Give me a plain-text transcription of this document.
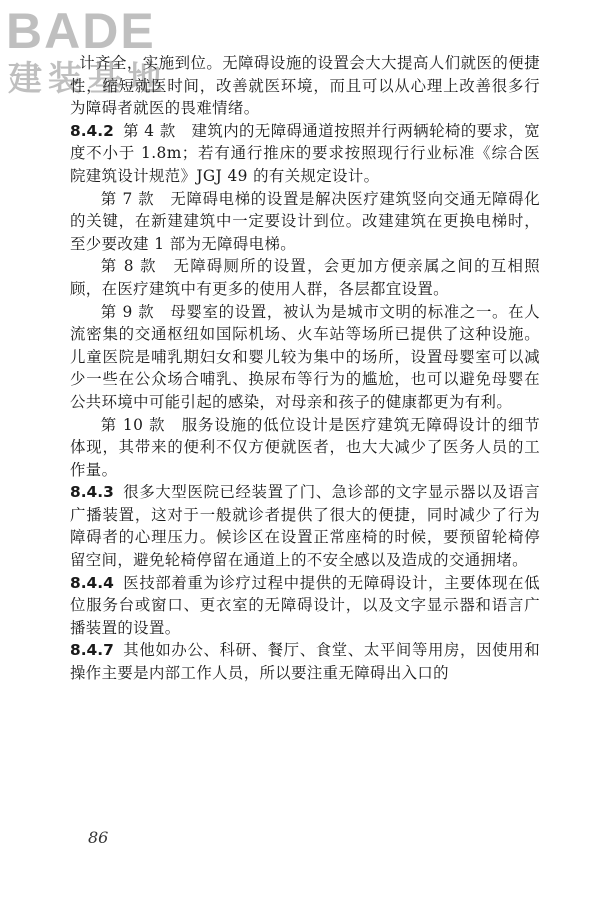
BADE
建装基地

计齐全，实施到位。无障碍设施的设置会大大提高人们就医的便捷性，缩短就医时间，改善就医环境，而且可以从心理上改善很多行为障碍者就医的畏难情绪。

8.4.2 第 4 款　建筑内的无障碍通道按照并行两辆轮椅的要求，宽度不小于 1.8m；若有通行推床的要求按照现行行业标准《综合医院建筑设计规范》JGJ 49 的有关规定设计。

第 7 款　无障碍电梯的设置是解决医疗建筑竖向交通无障碍化的关键，在新建建筑中一定要设计到位。改建建筑在更换电梯时，至少要改建 1 部为无障碍电梯。

第 8 款　无障碍厕所的设置，会更加方便亲属之间的互相照顾，在医疗建筑中有更多的使用人群，各层都宜设置。

第 9 款　母婴室的设置，被认为是城市文明的标准之一。在人流密集的交通枢纽如国际机场、火车站等场所已提供了这种设施。儿童医院是哺乳期妇女和婴儿较为集中的场所，设置母婴室可以减少一些在公众场合哺乳、换尿布等行为的尴尬，也可以避免母婴在公共环境中可能引起的感染，对母亲和孩子的健康都更为有利。

第 10 款　服务设施的低位设计是医疗建筑无障碍设计的细节体现，其带来的便利不仅方便就医者，也大大减少了医务人员的工作量。

8.4.3 很多大型医院已经装置了门、急诊部的文字显示器以及语言广播装置，这对于一般就诊者提供了很大的便捷，同时减少了行为障碍者的心理压力。候诊区在设置正常座椅的时候，要预留轮椅停留空间，避免轮椅停留在通道上的不安全感以及造成的交通拥堵。

8.4.4 医技部着重为诊疗过程中提供的无障碍设计，主要体现在低位服务台或窗口、更衣室的无障碍设计，以及文字显示器和语言广播装置的设置。

8.4.7 其他如办公、科研、餐厅、食堂、太平间等用房，因使用和操作主要是内部工作人员，所以要注重无障碍出入口的

86
